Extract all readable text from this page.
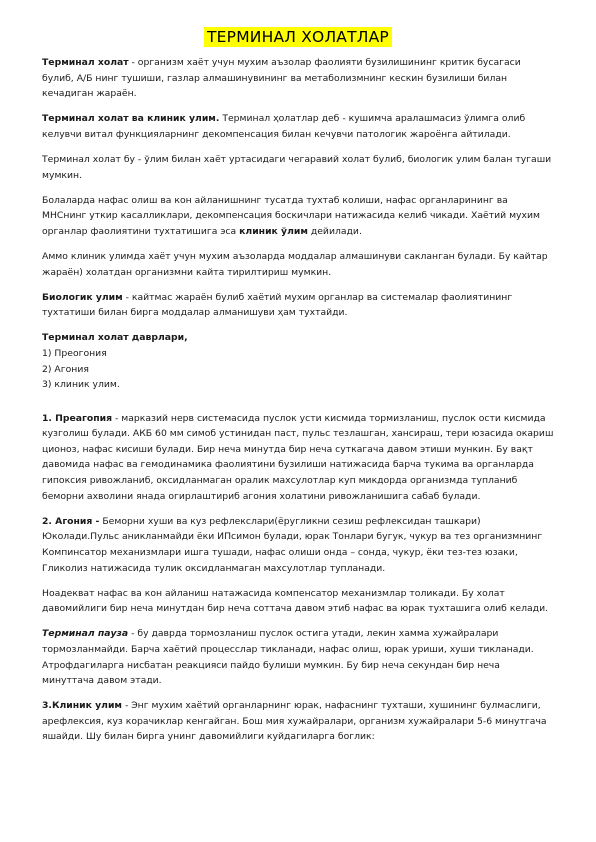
ТЕРМИНАЛ ХОЛАТЛАР

Терминал холат - организм хаёт учун мухим аъзолар фаолияти бузилишининг критик бусагаси булиб, А/Б нинг тушиши, газлар алмашинувининг ва метаболизмнинг кескин бузилиши билан кечадиган жараён.

Терминал холат ва клиник улим. Терминал ҳолатлар деб - кушимча аралашмасиз ўлимга олиб келувчи витал функцияларнинг декомпенсация билан кечувчи патологик жароёнга айтилади.

Терминал холат бу - ўлим билан хаёт уртасидаги чегаравий холат булиб, биологик улим балан тугаши мумкин.

Болаларда нафас олиш ва кон айланишнинг тусатда тухтаб колиши, нафас органларининг ва МНСнинг уткир касалликлари, декомпенсация боскичлари натижасида келиб чикади. Хаётий мухим органлар фаолиятини тухтатишига эса клиник ўлим дейилади.

Аммо клиник улимда хаёт учун мухим аъзоларда моддалар алмашинуви сакланган булади. Бу кайтар жараён) холатдан организмни кайта тирилтириш мумкин.

Биологик улим - кайтмас жараён булиб хаётий мухим органлар ва системалар фаолиятининг тухтатиши билан бирга моддалар алманишуви ҳам тухтайди.

Терминал холат даврлари,

1) Преогония

2) Агония

3) клиник улим.

1. Преагопия - марказий нерв системасида пуслок усти кисмида тормизланиш, пуслок ости кисмида кузголиш булади. АКБ 60 мм симоб устинидан паст, пульс тезлашган, хансираш, тери юзасида окариш ционоз, нафас кисиши булади. Бир неча минутда бир неча суткагача давом этиши мункин. Бу вақт давомида нафас ва гемодинамика фаолиятини бузилиши натижасида барча тукима ва органларда гипоксия ривожланиб, оксидланмаган оралик махсулотлар куп микдорда организмда тупланиб беморни ахволини янада огирлаштириб агония холатини ривожланишига сабаб булади.

2. Агония - Беморни хуши ва куз рефлекслари(ёругликни сезиш рефлексидан ташкари) Юколади.Пульс аникланмайди ёки ИПсимон булади, юрак Тонлари бугук, чукур ва тез организмнинг Компинсатор механизмлари ишга тушади, нафас олиши онда – сонда, чукур, ёки тез-тез юзаки, Гликолиз натижасида тулик оксидланмаган махсулотлар тупланади.

Ноадекват нафас ва кон айланиш натажасида компенсатор механизмлар толикади. Бу холат давомийлиги бир неча минутдан бир неча соттача давом этиб нафас ва юрак тухташига олиб келади.

Терминал пауза - бу даврда тормозланиш пуслок остига утади, лекин хамма хужайралари тормозланмайди. Барча хаётий процесслар тикланади, нафас олиш, юрак уриши, хуши тикланади. Атрофдагиларга нисбатан реакцияси пайдо булиши мумкин. Бу бир неча секундан бир неча минуттача давом этади.

3.Клиник улим - Энг мухим хаётий органларнинг юрак, нафаснинг тухташи, хушининг булмаслиги, арефлексия, куз корачиклар кенгайган. Бош мия хужайралари, организм хужайралари 5-6 минутгача яшайди. Шу билан бирга унинг давомийлиги куйдагиларга боглик:
